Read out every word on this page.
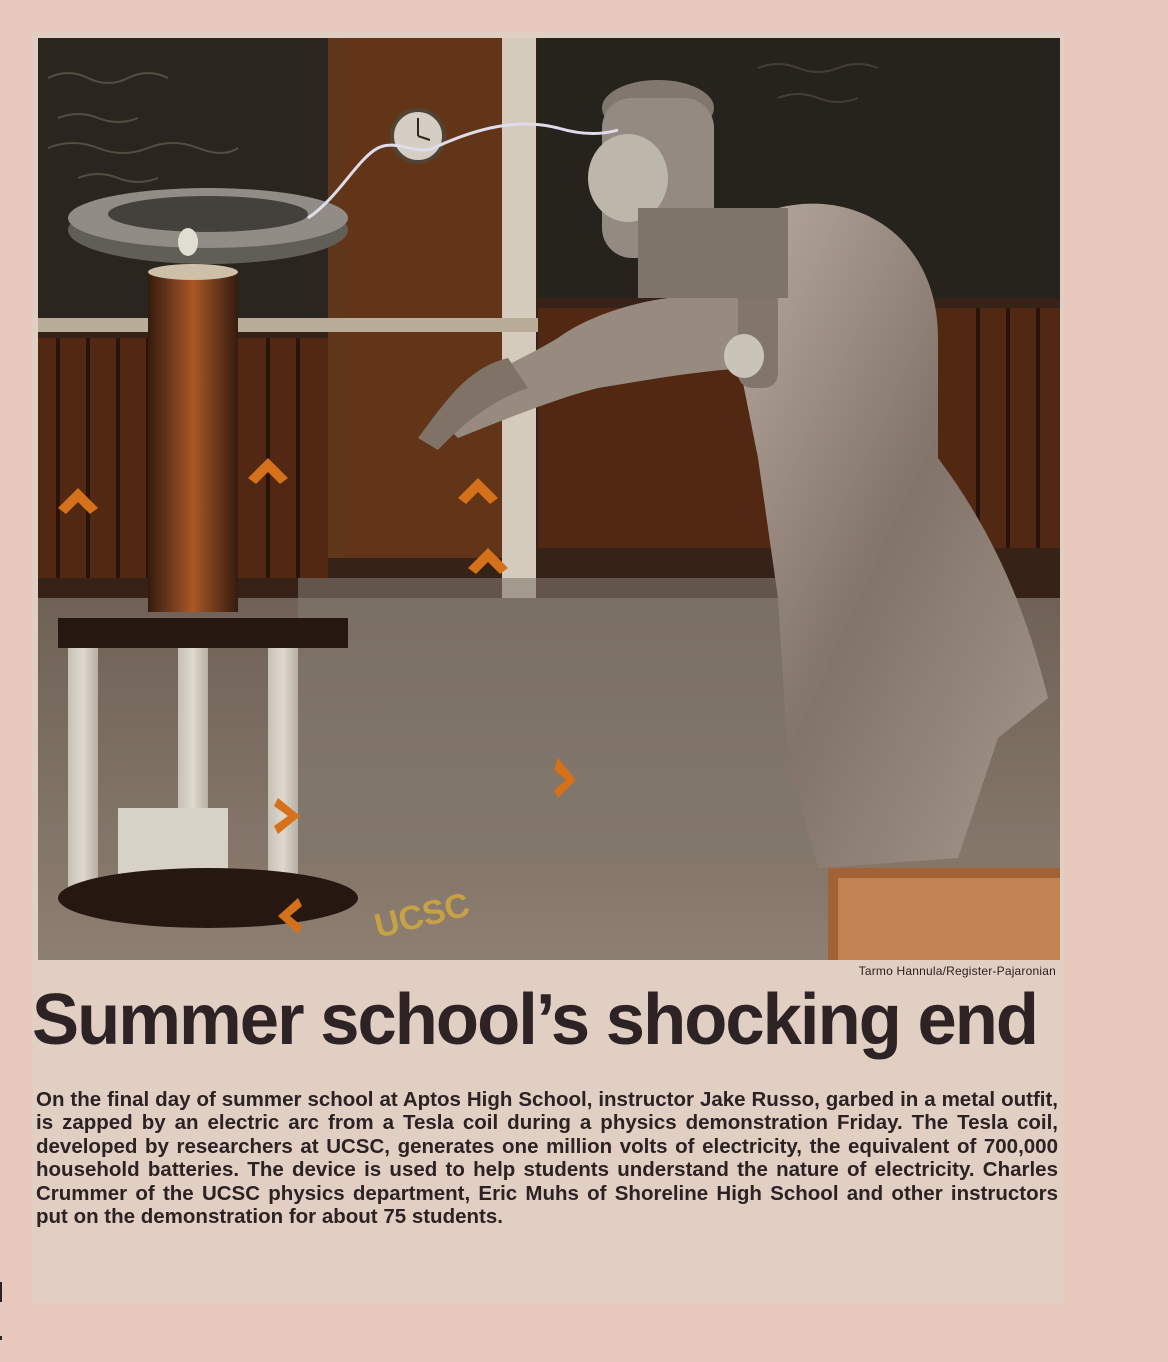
UCSC
Tarmo Hannula/Register-Pajaronian
Summer school’s shocking end
On the final day of summer school at Aptos High School, instructor Jake Russo, garbed in a metal outfit, is zapped by an electric arc from a Tesla coil during a physics demonstration Friday. The Tesla coil, developed by researchers at UCSC, generates one million volts of electricity, the equivalent of 700,000 household batteries. The device is used to help students understand the nature of electricity. Charles Crummer of the UCSC physics department, Eric Muhs of Shoreline High School and other instructors put on the demonstration for about 75 students.
